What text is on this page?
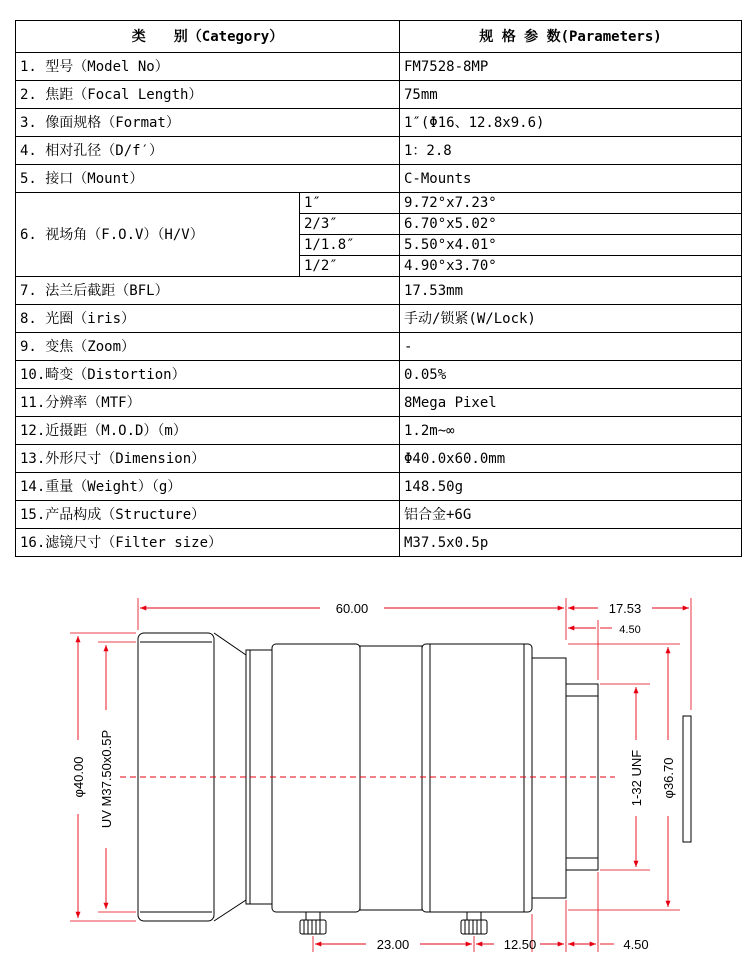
类　　别（Category）		规 格 参 数(Parameters)
1. 型号（Model No）		FM7528-8MP
2. 焦距（Focal Length）		75mm
3. 像面规格（Format）		1″(Φ16、12.8x9.6)
4. 相对孔径（D/f′）		1：2.8
5. 接口（Mount）		C-Mounts
6. 视场角（F.O.V）（H/V）	1″	9.72°x7.23°
	2/3″	6.70°x5.02°
	1/1.8″	5.50°x4.01°
	1/2″	4.90°x3.70°
7. 法兰后截距（BFL）		17.53mm
8. 光圈（iris）		手动/锁紧(W/Lock)
9. 变焦（Zoom）		-
10.畸变（Distortion）		0.05%
11.分辨率（MTF）		8Mega Pixel
12.近摄距（M.O.D）（m）		1.2m~∞
13.外形尺寸（Dimension）		Φ40.0x60.0mm
14.重量（Weight）（g）		148.50g
15.产品构成（Structure）		铝合金+6G
16.滤镜尺寸（Filter size）		M37.5x0.5p
60.00	17.53
4.50
φ40.00 UV M37.50x0.5P	1-32 UNF φ36.70
23.00	12.50	4.50
